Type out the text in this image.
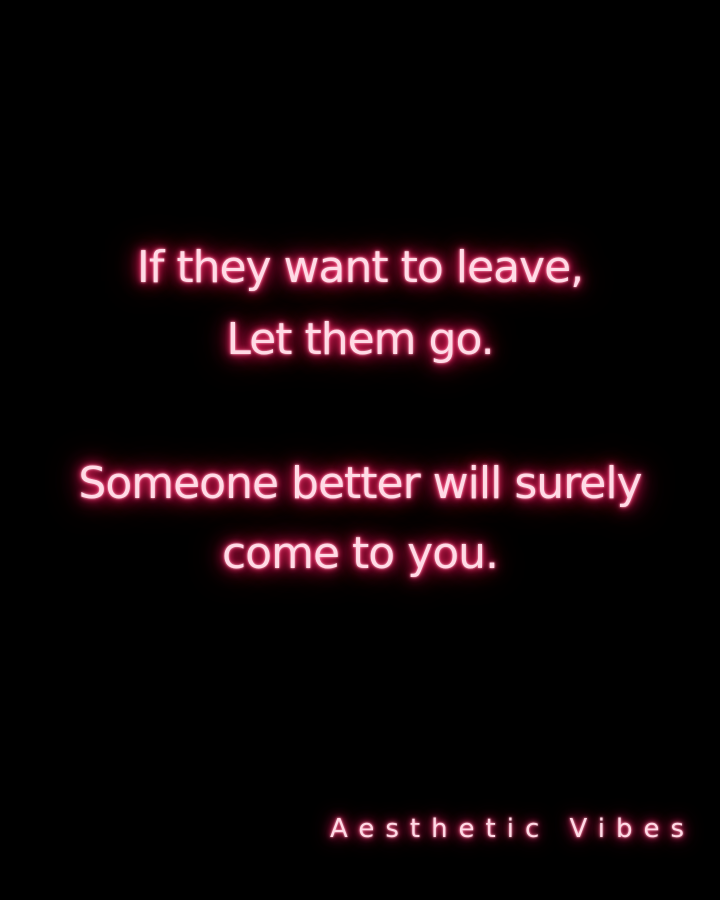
If they want to leave,
Let them go.
Someone better will surely
come to you.
Aesthetic Vibes
